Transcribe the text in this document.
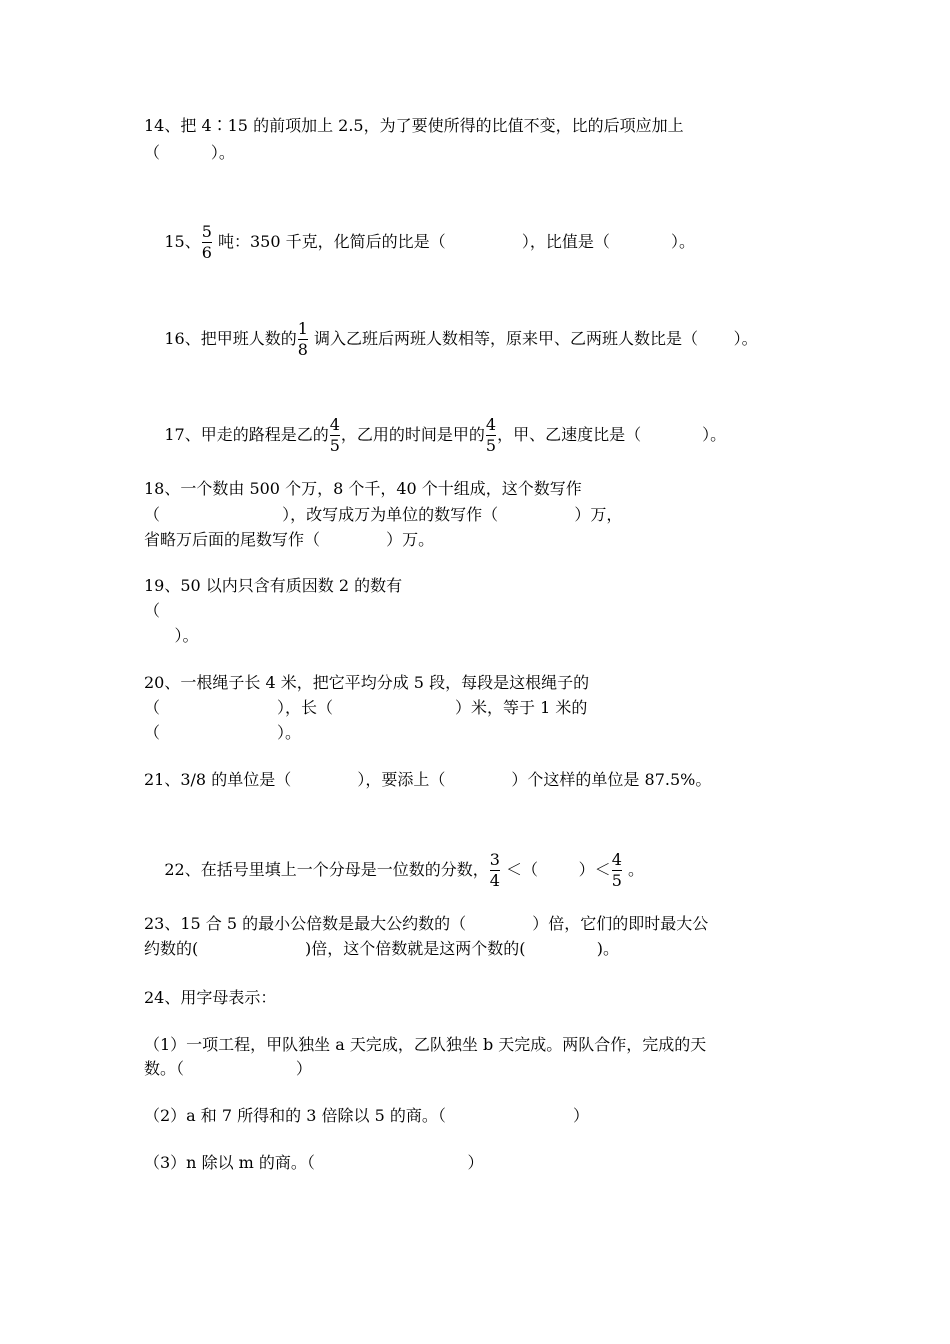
14、把 4∶15 的前项加上 2.5，为了要使所得的比值不变，比的后项应加上
（          ）。

15、 $\frac{5}{6}$ 吨：350 千克，化简后的比是（               ），比值是（            ）。

16、把甲班人数的 $\frac{1}{8}$ 调入乙班后两班人数相等，原来甲、乙两班人数比是（       ）。

17、甲走的路程是乙的 $\frac{4}{5}$ ，乙用的时间是甲的 $\frac{4}{5}$ ，甲、乙速度比是（            ）。

18、一个数由 500 个万，8 个千，40 个十组成，这个数写作
（                        ），改写成万为单位的数写作（               ）万，
省略万后面的尾数写作（             ）万。
19、50 以内只含有质因数 2 的数有
（
）。
20、一根绳子长 4 米，把它平均分成 5 段，每段是这根绳子的
（                       ），长（                        ）米，等于 1 米的
（                       ）。
21、3/8 的单位是（             ），要添上（             ）个这样的单位是 87.5%。

22、在括号里填上一个分母是一位数的分数， $\frac{3}{4}$ ＜（        ）＜ $\frac{4}{5}$ 。

23、15 合 5 的最小公倍数是最大公约数的（             ）倍，它们的即时最大公
约数的(                     )倍，这个倍数就是这两个数的(              )。
24、用字母表示：
（1）一项工程，甲队独坐 a 天完成，乙队独坐 b 天完成。两队合作，完成的天
数。（                      ）
（2）a 和 7 所得和的 3 倍除以 5 的商。（                         ）
（3）n 除以 m 的商。（                              ）
